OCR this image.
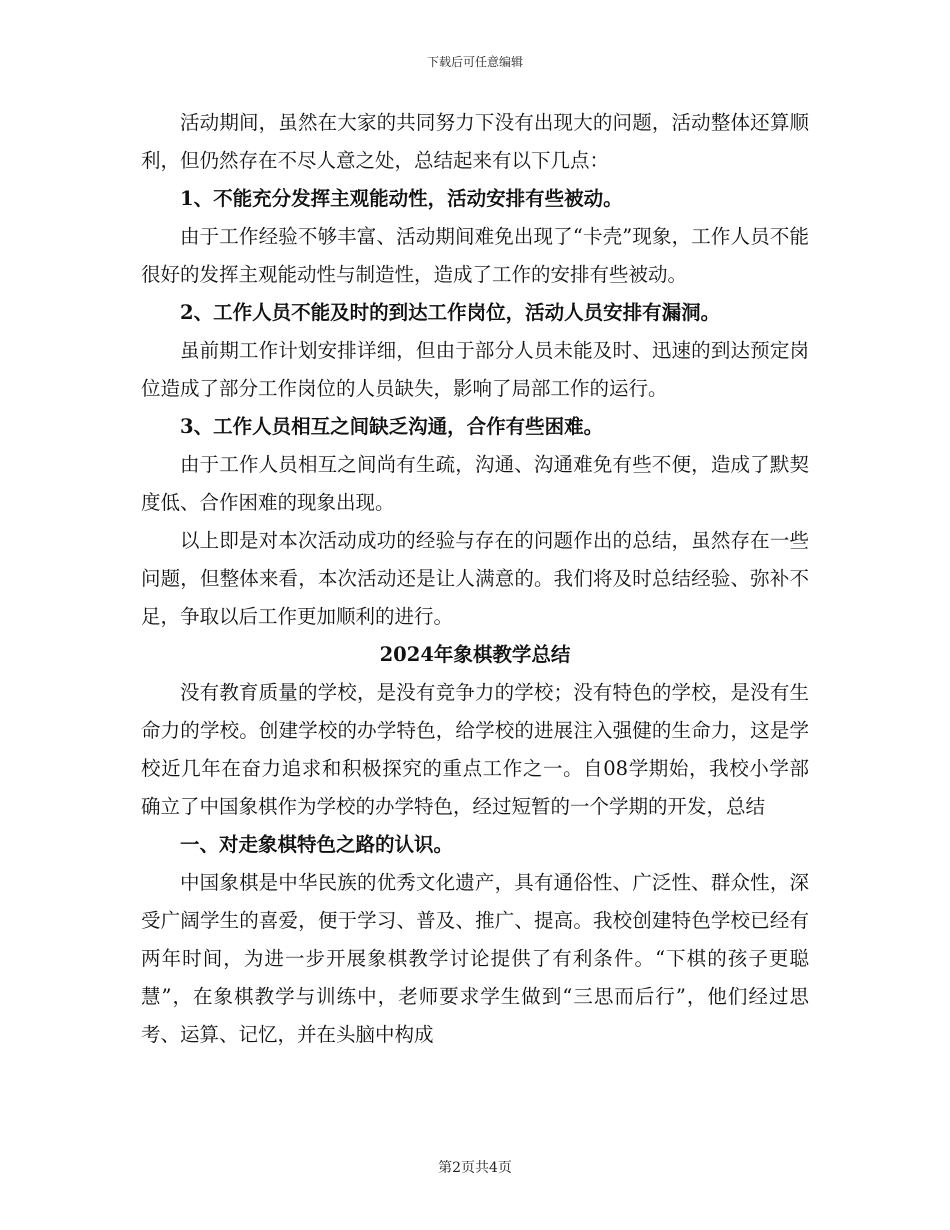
下载后可任意编辑

活动期间，虽然在大家的共同努力下没有出现大的问题，活动整体还算顺利，但仍然存在不尽人意之处，总结起来有以下几点：

1、不能充分发挥主观能动性，活动安排有些被动。

由于工作经验不够丰富、活动期间难免出现了“卡壳”现象，工作人员不能很好的发挥主观能动性与制造性，造成了工作的安排有些被动。

2、工作人员不能及时的到达工作岗位，活动人员安排有漏洞。

虽前期工作计划安排详细，但由于部分人员未能及时、迅速的到达预定岗位造成了部分工作岗位的人员缺失，影响了局部工作的运行。

3、工作人员相互之间缺乏沟通，合作有些困难。

由于工作人员相互之间尚有生疏，沟通、沟通难免有些不便，造成了默契度低、合作困难的现象出现。

以上即是对本次活动成功的经验与存在的问题作出的总结，虽然存在一些问题，但整体来看，本次活动还是让人满意的。我们将及时总结经验、弥补不足，争取以后工作更加顺利的进行。

2024年象棋教学总结

没有教育质量的学校，是没有竞争力的学校；没有特色的学校，是没有生命力的学校。创建学校的办学特色，给学校的进展注入强健的生命力，这是学校近几年在奋力追求和积极探究的重点工作之一。自08学期始，我校小学部确立了中国象棋作为学校的办学特色，经过短暂的一个学期的开发，总结

一、对走象棋特色之路的认识。

中国象棋是中华民族的优秀文化遗产，具有通俗性、广泛性、群众性，深受广阔学生的喜爱，便于学习、普及、推广、提高。我校创建特色学校已经有两年时间，为进一步开展象棋教学讨论提供了有利条件。“下棋的孩子更聪慧”，在象棋教学与训练中，老师要求学生做到“三思而后行”，他们经过思考、运算、记忆，并在头脑中构成

第2页共4页
